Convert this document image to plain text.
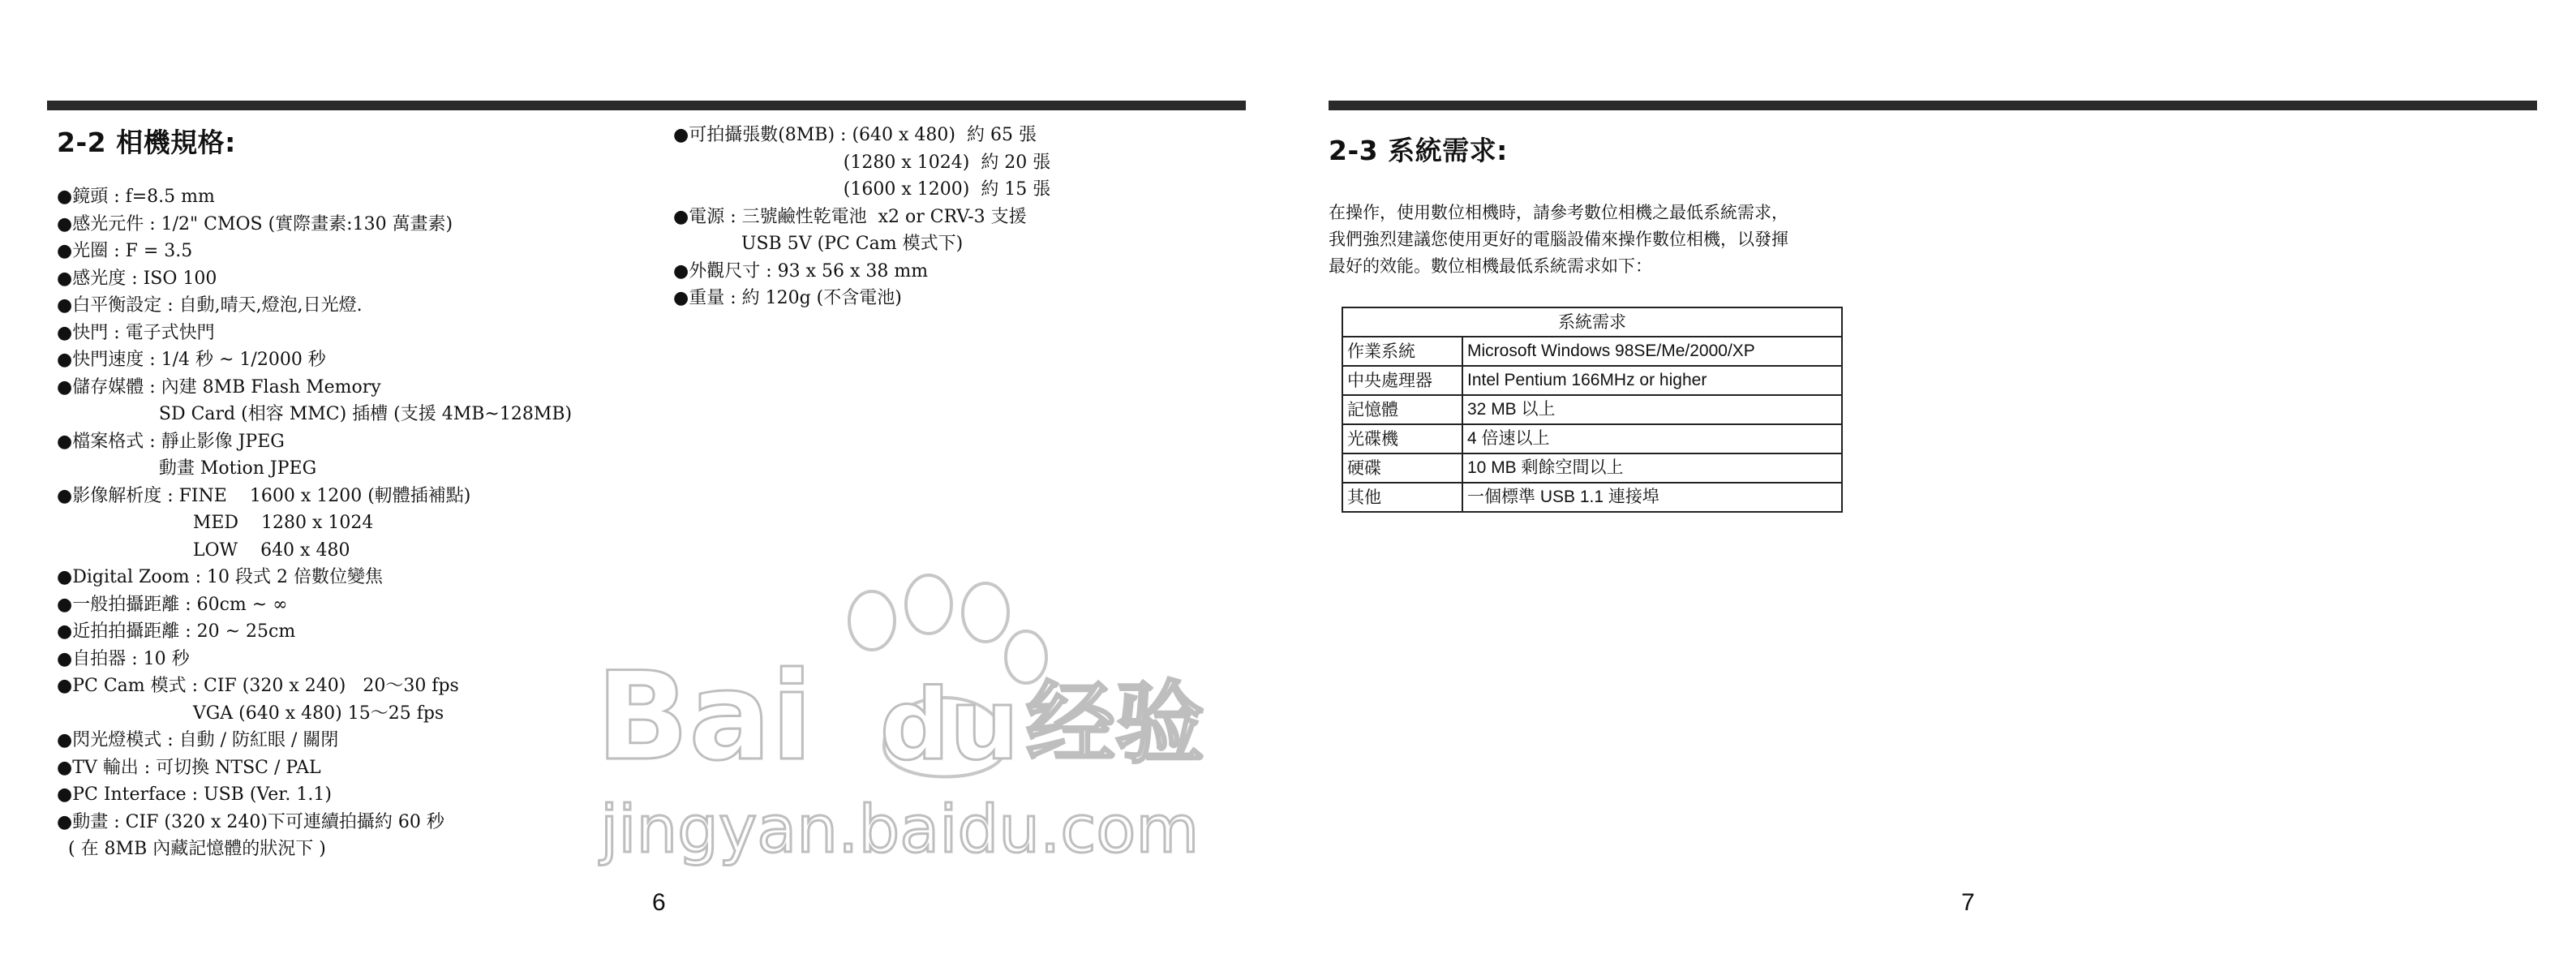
2-2 相機規格:
●鏡頭 : f=8.5 mm
●感光元件 : 1/2" CMOS (實際畫素:130 萬畫素)
●光圈 : F = 3.5
●感光度 : ISO 100
●白平衡設定 : 自動,晴天,燈泡,日光燈.
●快門 : 電子式快門
●快門速度 : 1/4 秒 ~ 1/2000 秒
●儲存媒體 : 內建 8MB Flash Memory
SD Card (相容 MMC) 插槽 (支援 4MB~128MB)
●檔案格式 : 靜止影像 JPEG
動畫 Motion JPEG
●影像解析度 : FINE    1600 x 1200 (軔體插補點)
MED    1280 x 1024
LOW    640 x 480
●Digital Zoom : 10 段式 2 倍數位變焦
●一般拍攝距離 : 60cm ~ ∞
●近拍拍攝距離 : 20 ~ 25cm
●自拍器 : 10 秒
●PC Cam 模式 : CIF (320 x 240)   20～30 fps
VGA (640 x 480) 15～25 fps
●閃光燈模式 : 自動 / 防紅眼 / 關閉
●TV 輸出 : 可切換 NTSC / PAL
●PC Interface : USB (Ver. 1.1)
●動畫 : CIF (320 x 240)下可連續拍攝約 60 秒
( 在 8MB 內藏記憶體的狀況下 )
●可拍攝張數(8MB) : (640 x 480)  約 65 張
(1280 x 1024)  約 20 張
(1600 x 1200)  約 15 張
●電源 : 三號鹼性乾電池  x2 or CRV-3 支援
USB 5V (PC Cam 模式下)
●外觀尺寸 : 93 x 56 x 38 mm
●重量 : 約 120g (不含電池)
6
2-3 系統需求:
在操作，使用數位相機時，請參考數位相機之最低系統需求，
我們強烈建議您使用更好的電腦設備來操作數位相機，以發揮
最好的效能。數位相機最低系統需求如下：
系統需求	
作業系統	Microsoft Windows 98SE/Me/2000/XP
中央處理器	Intel Pentium 166MHz or higher
記憶體	32 MB 以上
光碟機	4 倍速以上
硬碟	10 MB 剩餘空間以上
其他	一個標準 USB 1.1 連接埠
7
Bai du 经验
jingyan.baidu.com
